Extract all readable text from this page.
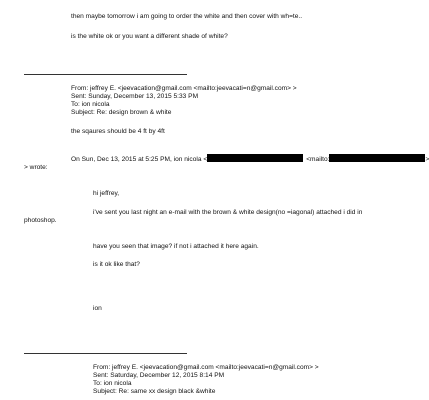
then maybe tomorrow i am going to order the white and then cover with wh=te..
is the white ok or you want a different shade of white?
From: jeffrey E. <jeevacation@gmail.com <mailto:jeevacati=n@gmail.com> >
Sent: Sunday, December 13, 2015 5:33 PM
To: ion nicola
Subject: Re: design brown & white
the sqaures should be 4 ft by 4ft
On Sun, Dec 13, 2015 at 5:25 PM, ion nicola <	<mailto:	>
> wrote:
hi jeffrey,
i've sent you last night an e-mail with the brown & white design(no =iagonal) attached i did in
photoshop.
have you seen that image? if not i attached it here again.
is it ok like that?
ion
From: jeffrey E. <jeevacation@gmail.com <mailto:jeevacati=n@gmail.com> >
Sent: Saturday, December 12, 2015 8:14 PM
To: ion nicola
Subject: Re: same xx design black &white
